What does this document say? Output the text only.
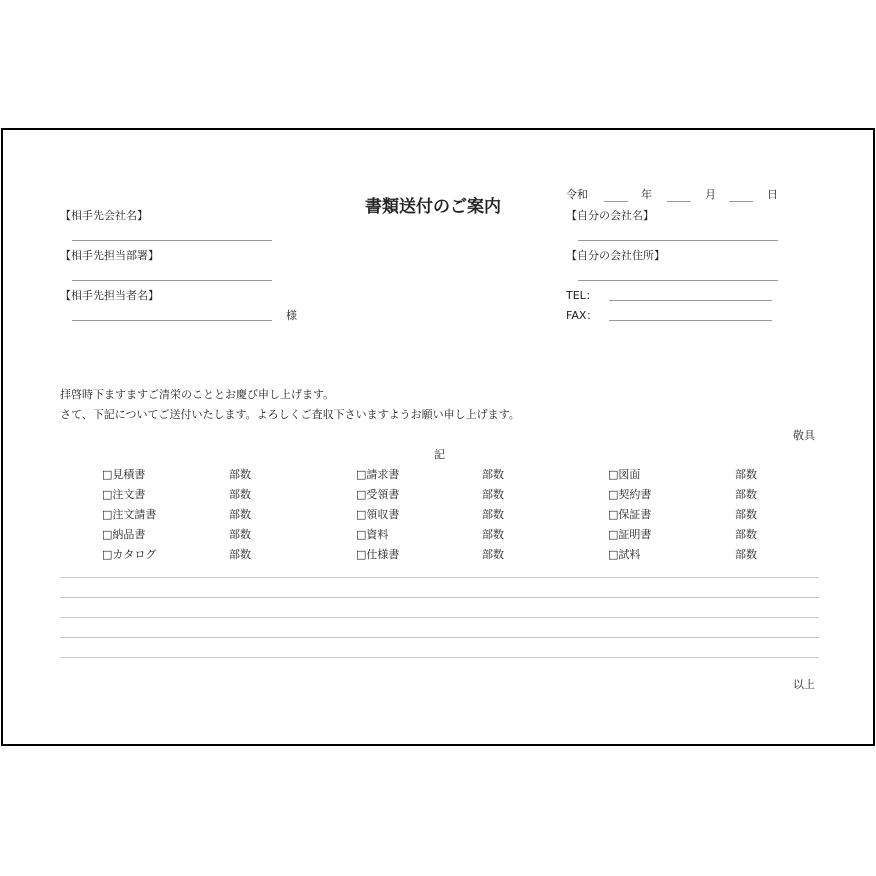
書類送付のご案内
令和	年	月	日
【相手先会社名】
【相手先担当部署】
【相手先担当者名】
様
【自分の会社名】
【自分の会社住所】
TEL：
FAX：
拝啓時下ますますご清栄のこととお慶び申し上げます。
さて、下記についてご送付いたします。よろしくご査収下さいますようお願い申し上げます。
敬具
記
□見積書	部数	□請求書	部数	□図面	部数
□注文書	部数	□受領書	部数	□契約書	部数
□注文請書	部数	□領収書	部数	□保証書	部数
□納品書	部数	□資料	部数	□証明書	部数
□カタログ	部数	□仕様書	部数	□試料	部数
以上
